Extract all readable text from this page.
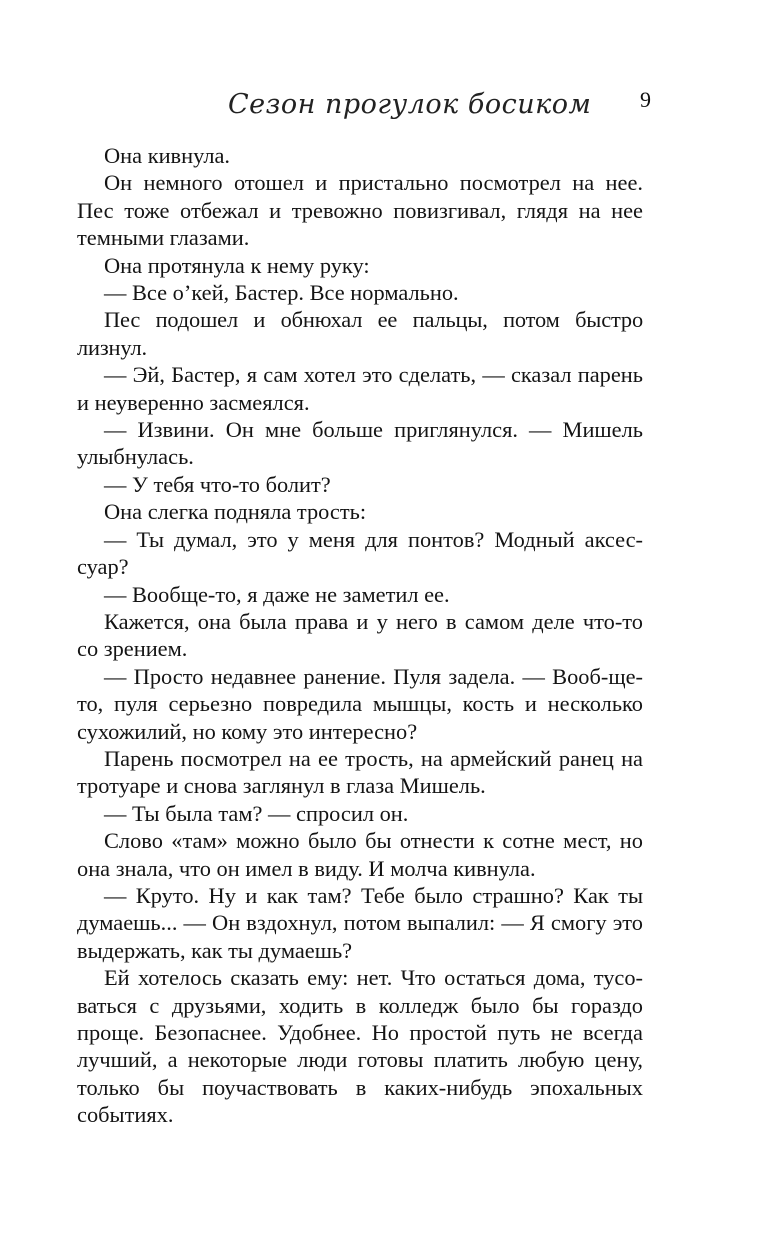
Сезон прогулок босиком	9

Она кивнула.

Он немного отошел и пристально посмотрел на нее. Пес тоже отбежал и тревожно повизгивал, глядя на нее темными глазами.

Она протянула к нему руку:

— Все о’кей, Бастер. Все нормально.

Пес подошел и обнюхал ее пальцы, потом быстро лизнул.

— Эй, Бастер, я сам хотел это сделать, — сказал парень и неуверенно засмеялся.

— Извини. Он мне больше приглянулся. — Мишель улыбнулась.

— У тебя что-то болит?

Она слегка подняла трость:

— Ты думал, это у меня для понтов? Модный аксес-суар?

— Вообще-то, я даже не заметил ее.

Кажется, она была права и у него в самом деле что-то со зрением.

— Просто недавнее ранение. Пуля задела. — Вооб-ще-то, пуля серьезно повредила мышцы, кость и несколько сухожилий, но кому это интересно?

Парень посмотрел на ее трость, на армейский ранец на тротуаре и снова заглянул в глаза Мишель.

— Ты была там? — спросил он.

Слово «там» можно было бы отнести к сотне мест, но она знала, что он имел в виду. И молча кивнула.

— Круто. Ну и как там? Тебе было страшно? Как ты думаешь... — Он вздохнул, потом выпалил: — Я смогу это выдержать, как ты думаешь?

Ей хотелось сказать ему: нет. Что остаться дома, тусо-ваться с друзьями, ходить в колледж было бы гораздо проще. Безопаснее. Удобнее. Но простой путь не всегда лучший, а некоторые люди готовы платить любую цену, только бы поучаствовать в каких-нибудь эпохальных событиях.
